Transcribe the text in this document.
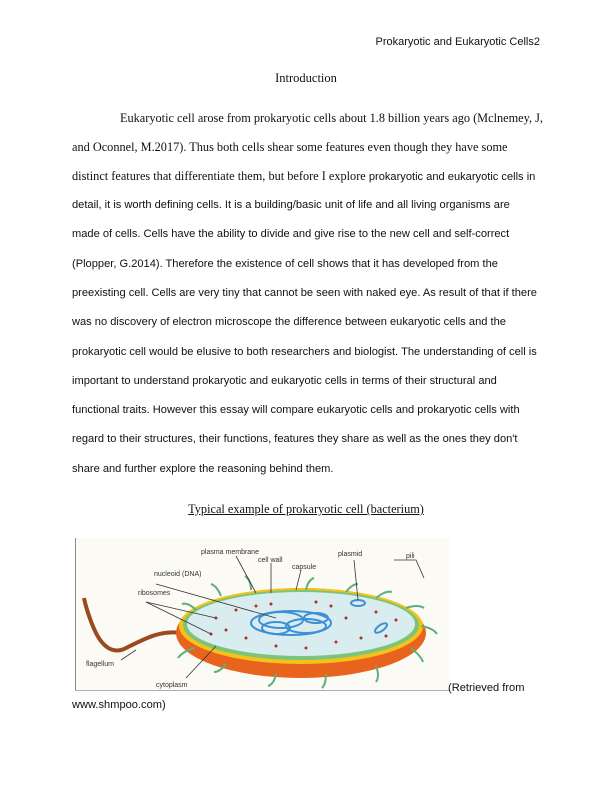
Prokaryotic and Eukaryotic Cells2
Introduction
Eukaryotic cell arose from prokaryotic cells about 1.8 billion years ago (Mclnemey, J,
and Oconnel, M.2017). Thus both cells shear some features even though they have some
distinct features that differentiate them, but before I explore prokaryotic and eukaryotic cells in
detail, it is worth defining cells. It is a building/basic unit of life and all living organisms are
made of cells. Cells have the ability to divide and give rise to the new cell and self-correct
(Plopper, G.2014). Therefore the existence of cell shows that it has developed from the
preexisting cell. Cells are very tiny that cannot be seen with naked eye. As result of that if there
was no discovery of electron microscope the difference between eukaryotic cells and the
prokaryotic cell would be elusive to both researchers and biologist. The understanding of cell is
important to understand prokaryotic and eukaryotic cells in terms of their structural and
functional traits. However this essay will compare eukaryotic cells and prokaryotic cells with
regard to their structures, their functions, features they share as well as the ones they don't
share and further explore the reasoning behind them.
Typical example of prokaryotic cell (bacterium)
plasma membrane
cell wall
plasmid	pili
nucleoid (DNA)
capsule
ribosomes
flagellum
cytoplasm	(Retrieved from
www.shmpoo.com)
